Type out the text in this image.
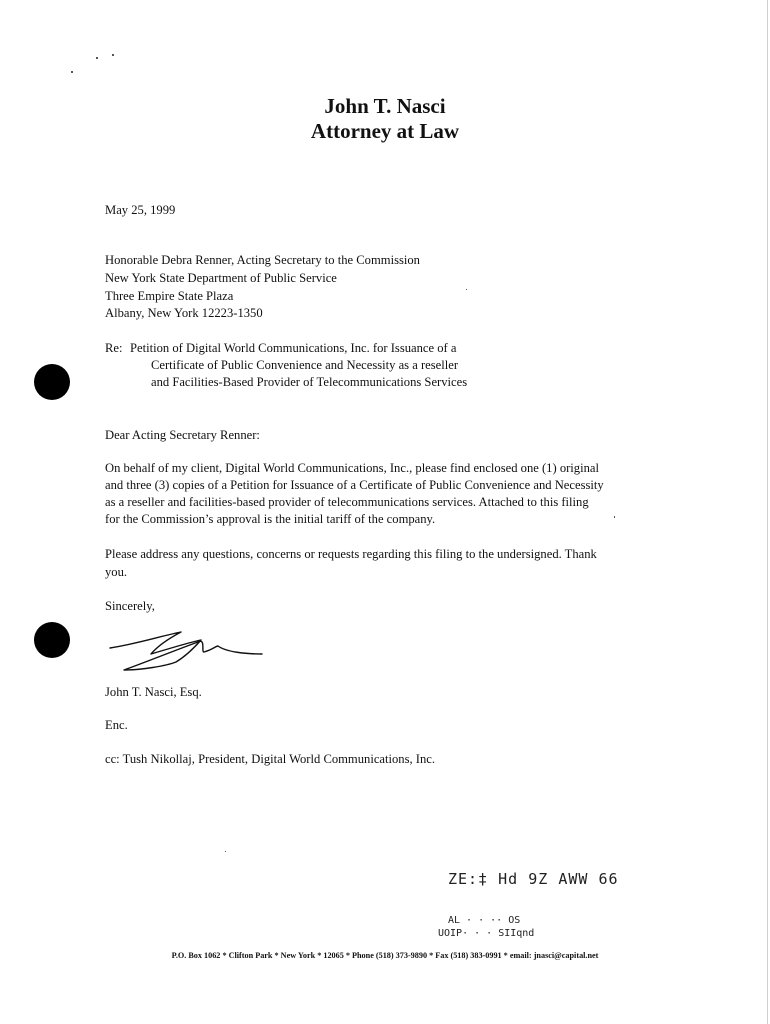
John T. Nasci
Attorney at Law
May 25, 1999
Honorable Debra Renner, Acting Secretary to the Commission
New York State Department of Public Service
Three Empire State Plaza
Albany, New York 12223-1350
Re: Petition of Digital World Communications, Inc. for Issuance of a
Certificate of Public Convenience and Necessity as a reseller
and Facilities-Based Provider of Telecommunications Services
Dear Acting Secretary Renner:
On behalf of my client, Digital World Communications, Inc., please find enclosed one (1) original
and three (3) copies of a Petition for Issuance of a Certificate of Public Convenience and Necessity
as a reseller and facilities-based provider of telecommunications services. Attached to this filing
for the Commission’s approval is the initial tariff of the company.
Please address any questions, concerns or requests regarding this filing to the undersigned. Thank
you.
Sincerely,
John T. Nasci, Esq.
Enc.
cc: Tush Nikollaj, President, Digital World Communications, Inc.
ZE:‡ Hd 9Z AWW 66
AL · · ·· OS
UOIP· · · SIIqnd
P.O. Box 1062 * Clifton Park * New York * 12065 * Phone (518) 373-9890 * Fax (518) 383-0991 * email: jnasci@capital.net
